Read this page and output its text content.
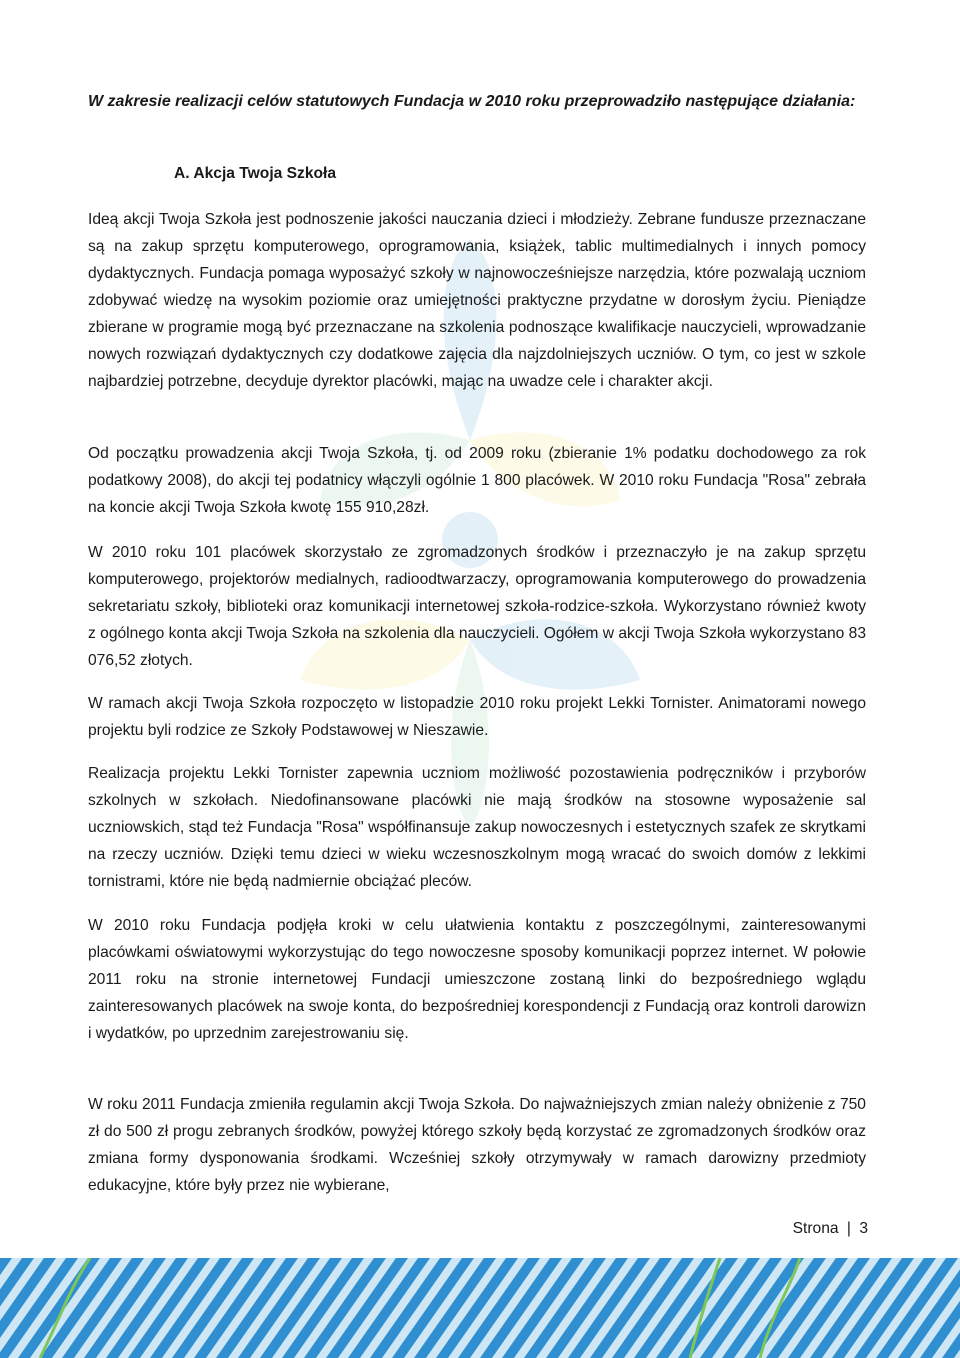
W zakresie realizacji celów statutowych Fundacja w 2010 roku przeprowadziło następujące działania:
A. Akcja Twoja Szkoła

Ideą akcji Twoja Szkoła jest podnoszenie jakości nauczania dzieci i młodzieży. Zebrane fundusze przeznaczane są na zakup sprzętu komputerowego, oprogramowania, książek, tablic multimedialnych i innych pomocy dydaktycznych. Fundacja pomaga wyposażyć szkoły w najnowocześniejsze narzędzia, które pozwalają uczniom zdobywać wiedzę na wysokim poziomie oraz umiejętności praktyczne przydatne w dorosłym życiu. Pieniądze zbierane w programie mogą być przeznaczane na szkolenia podnoszące kwalifikacje nauczycieli, wprowadzanie nowych rozwiązań dydaktycznych czy dodatkowe zajęcia dla najzdolniejszych uczniów. O tym, co jest w szkole najbardziej potrzebne, decyduje dyrektor placówki, mając na uwadze cele i charakter akcji.

Od początku prowadzenia akcji Twoja Szkoła, tj. od 2009 roku (zbieranie 1% podatku dochodowego za rok podatkowy 2008), do akcji tej podatnicy włączyli ogólnie 1 800 placówek. W 2010 roku Fundacja "Rosa" zebrała na koncie akcji Twoja Szkoła kwotę 155 910,28zł.

W 2010 roku 101 placówek skorzystało ze zgromadzonych środków i przeznaczyło je na zakup sprzętu komputerowego, projektorów medialnych, radioodtwarzaczy, oprogramowania komputerowego do prowadzenia sekretariatu szkoły, biblioteki oraz komunikacji internetowej szkoła-rodzice-szkoła. Wykorzystano również kwoty z ogólnego konta akcji Twoja Szkoła na szkolenia dla nauczycieli. Ogółem w akcji Twoja Szkoła wykorzystano 83 076,52 złotych.

W ramach akcji Twoja Szkoła rozpoczęto w listopadzie 2010 roku projekt Lekki Tornister. Animatorami nowego projektu byli rodzice ze Szkoły Podstawowej w Nieszawie.

Realizacja projektu Lekki Tornister zapewnia uczniom możliwość pozostawienia podręczników i przyborów szkolnych w szkołach. Niedofinansowane placówki nie mają środków na stosowne wyposażenie sal uczniowskich, stąd też Fundacja "Rosa" współfinansuje zakup nowoczesnych i estetycznych szafek ze skrytkami na rzeczy uczniów. Dzięki temu dzieci w wieku wczesnoszkolnym mogą wracać do swoich domów z lekkimi tornistrami, które nie będą nadmiernie obciążać pleców.

W 2010 roku Fundacja podjęła kroki w celu ułatwienia kontaktu z poszczególnymi, zainteresowanymi placówkami oświatowymi wykorzystując do tego nowoczesne sposoby komunikacji poprzez internet. W połowie 2011 roku na stronie internetowej Fundacji umieszczone zostaną linki do bezpośredniego wglądu zainteresowanych placówek na swoje konta, do bezpośredniej korespondencji z Fundacją oraz kontroli darowizn i wydatków, po uprzednim zarejestrowaniu się.

W roku 2011 Fundacja zmieniła regulamin akcji Twoja Szkoła. Do najważniejszych zmian należy obniżenie z 750 zł do 500 zł progu zebranych środków, powyżej którego szkoły będą korzystać ze zgromadzonych środków oraz zmiana formy dysponowania środkami. Wcześniej szkoły otrzymywały w ramach darowizny przedmioty edukacyjne, które były przez nie wybierane,

Strona | 3
